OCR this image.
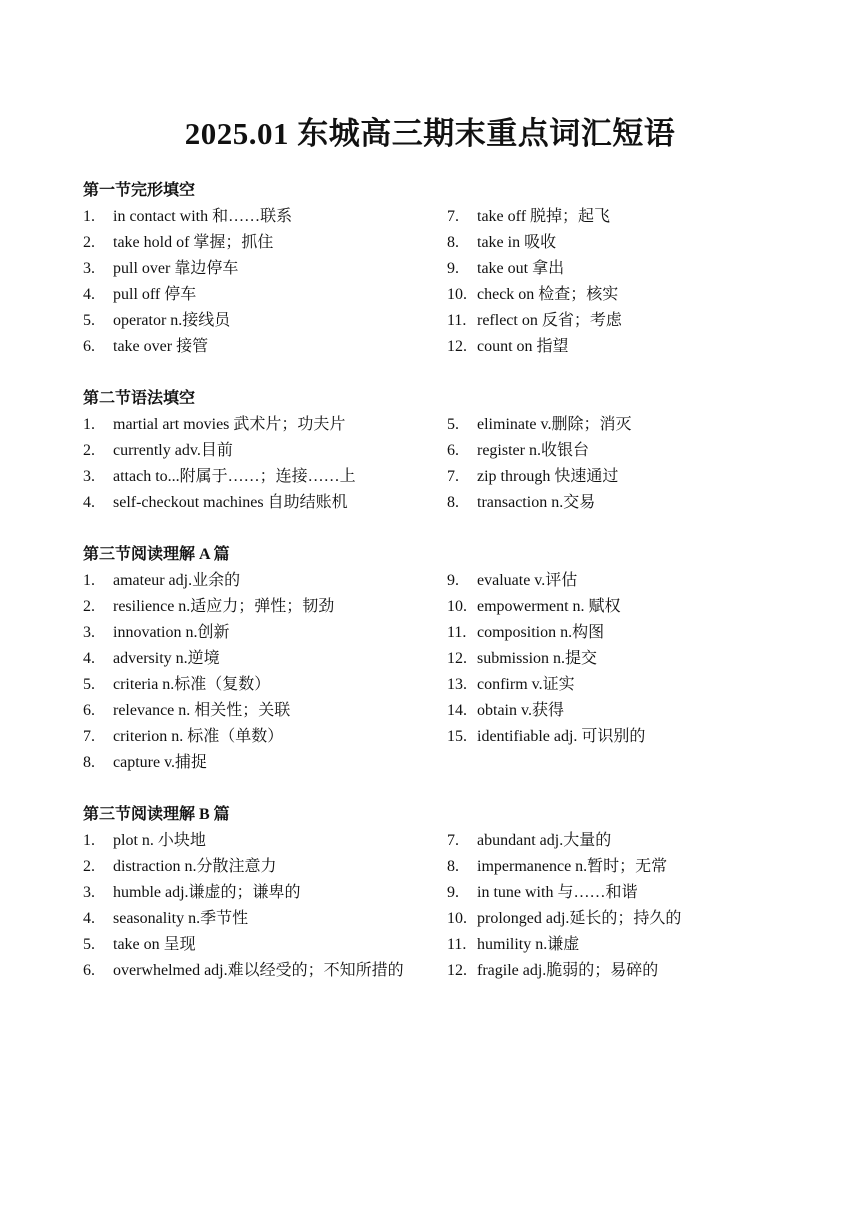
2025.01 东城高三期末重点词汇短语
第一节完形填空
1. in contact with 和……联系
2. take hold of 掌握；抓住
3. pull over 靠边停车
4. pull off 停车
5. operator n.接线员
6. take over 接管
7. take off 脱掉；起飞
8. take in 吸收
9. take out 拿出
10. check on 检查；核实
11. reflect on 反省；考虑
12. count on 指望
第二节语法填空
1. martial art movies 武术片；功夫片
2. currently adv.目前
3. attach to...附属于……；连接……上
4. self-checkout machines 自助结账机
5. eliminate v.删除；消灭
6. register n.收银台
7. zip through 快速通过
8. transaction n.交易
第三节阅读理解 A 篇
1. amateur adj.业余的
2. resilience n.适应力；弹性；韧劲
3. innovation n.创新
4. adversity n.逆境
5. criteria n.标准（复数）
6. relevance n. 相关性；关联
7. criterion n. 标准（单数）
8. capture v.捕捉
9. evaluate v.评估
10. empowerment n. 赋权
11. composition n.构图
12. submission n.提交
13. confirm v.证实
14. obtain v.获得
15. identifiable adj. 可识别的
第三节阅读理解 B 篇
1. plot n. 小块地
2. distraction n.分散注意力
3. humble adj.谦虚的；谦卑的
4. seasonality n.季节性
5. take on 呈现
6. overwhelmed adj.难以经受的；不知所措的
7. abundant adj.大量的
8. impermanence n.暂时；无常
9. in tune with 与……和谐
10. prolonged adj.延长的；持久的
11. humility n.谦虚
12. fragile adj.脆弱的；易碎的
